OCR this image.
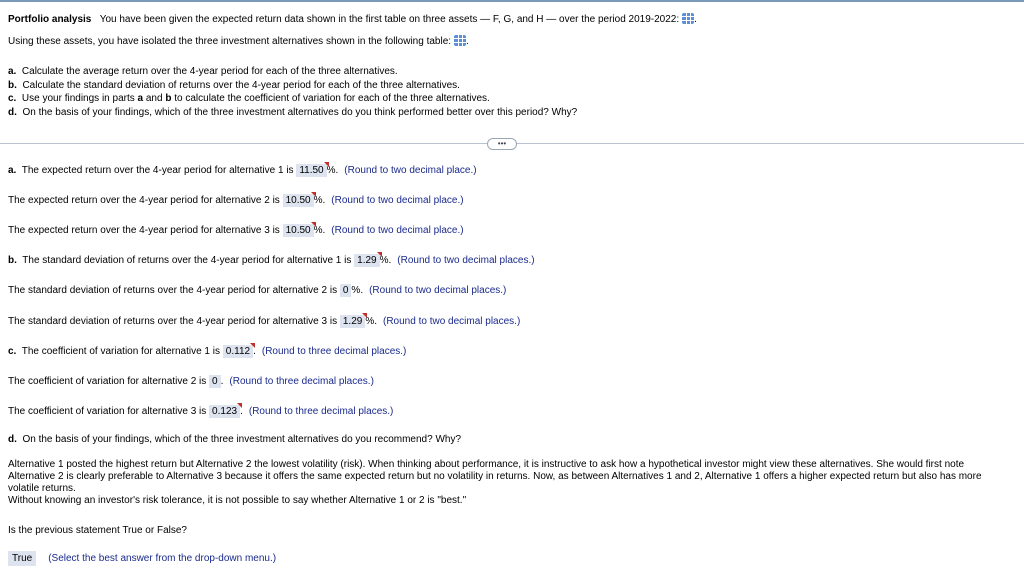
Portfolio analysis You have been given the expected return data shown in the first table on three assets — F, G, and H — over the period 2019-2022: .
Using these assets, you have isolated the three investment alternatives shown in the following table: .
a. Calculate the average return over the 4-year period for each of the three alternatives.
b. Calculate the standard deviation of returns over the 4-year period for each of the three alternatives.
c. Use your findings in parts a and b to calculate the coefficient of variation for each of the three alternatives.
d. On the basis of your findings, which of the three investment alternatives do you think performed better over this period? Why?
•••
a. The expected return over the 4-year period for alternative 1 is 11.50 %. (Round to two decimal place.)
The expected return over the 4-year period for alternative 2 is 10.50 %. (Round to two decimal place.)
The expected return over the 4-year period for alternative 3 is 10.50 %. (Round to two decimal place.)
b. The standard deviation of returns over the 4-year period for alternative 1 is 1.29 %. (Round to two decimal places.)
The standard deviation of returns over the 4-year period for alternative 2 is 0 %. (Round to two decimal places.)
The standard deviation of returns over the 4-year period for alternative 3 is 1.29 %. (Round to two decimal places.)
c. The coefficient of variation for alternative 1 is 0.112 . (Round to three decimal places.)
The coefficient of variation for alternative 2 is 0 . (Round to three decimal places.)
The coefficient of variation for alternative 3 is 0.123 . (Round to three decimal places.)
d. On the basis of your findings, which of the three investment alternatives do you recommend? Why?
Alternative 1 posted the highest return but Alternative 2 the lowest volatility (risk). When thinking about performance, it is instructive to ask how a hypothetical investor might view these alternatives. She would first note Alternative 2 is clearly preferable to Alternative 3 because it offers the same expected return but no volatility in returns. Now, as between Alternatives 1 and 2, Alternative 1 offers a higher expected return but also has more volatile returns.
Without knowing an investor's risk tolerance, it is not possible to say whether Alternative 1 or 2 is "best."
Is the previous statement True or False?
True (Select the best answer from the drop-down menu.)
